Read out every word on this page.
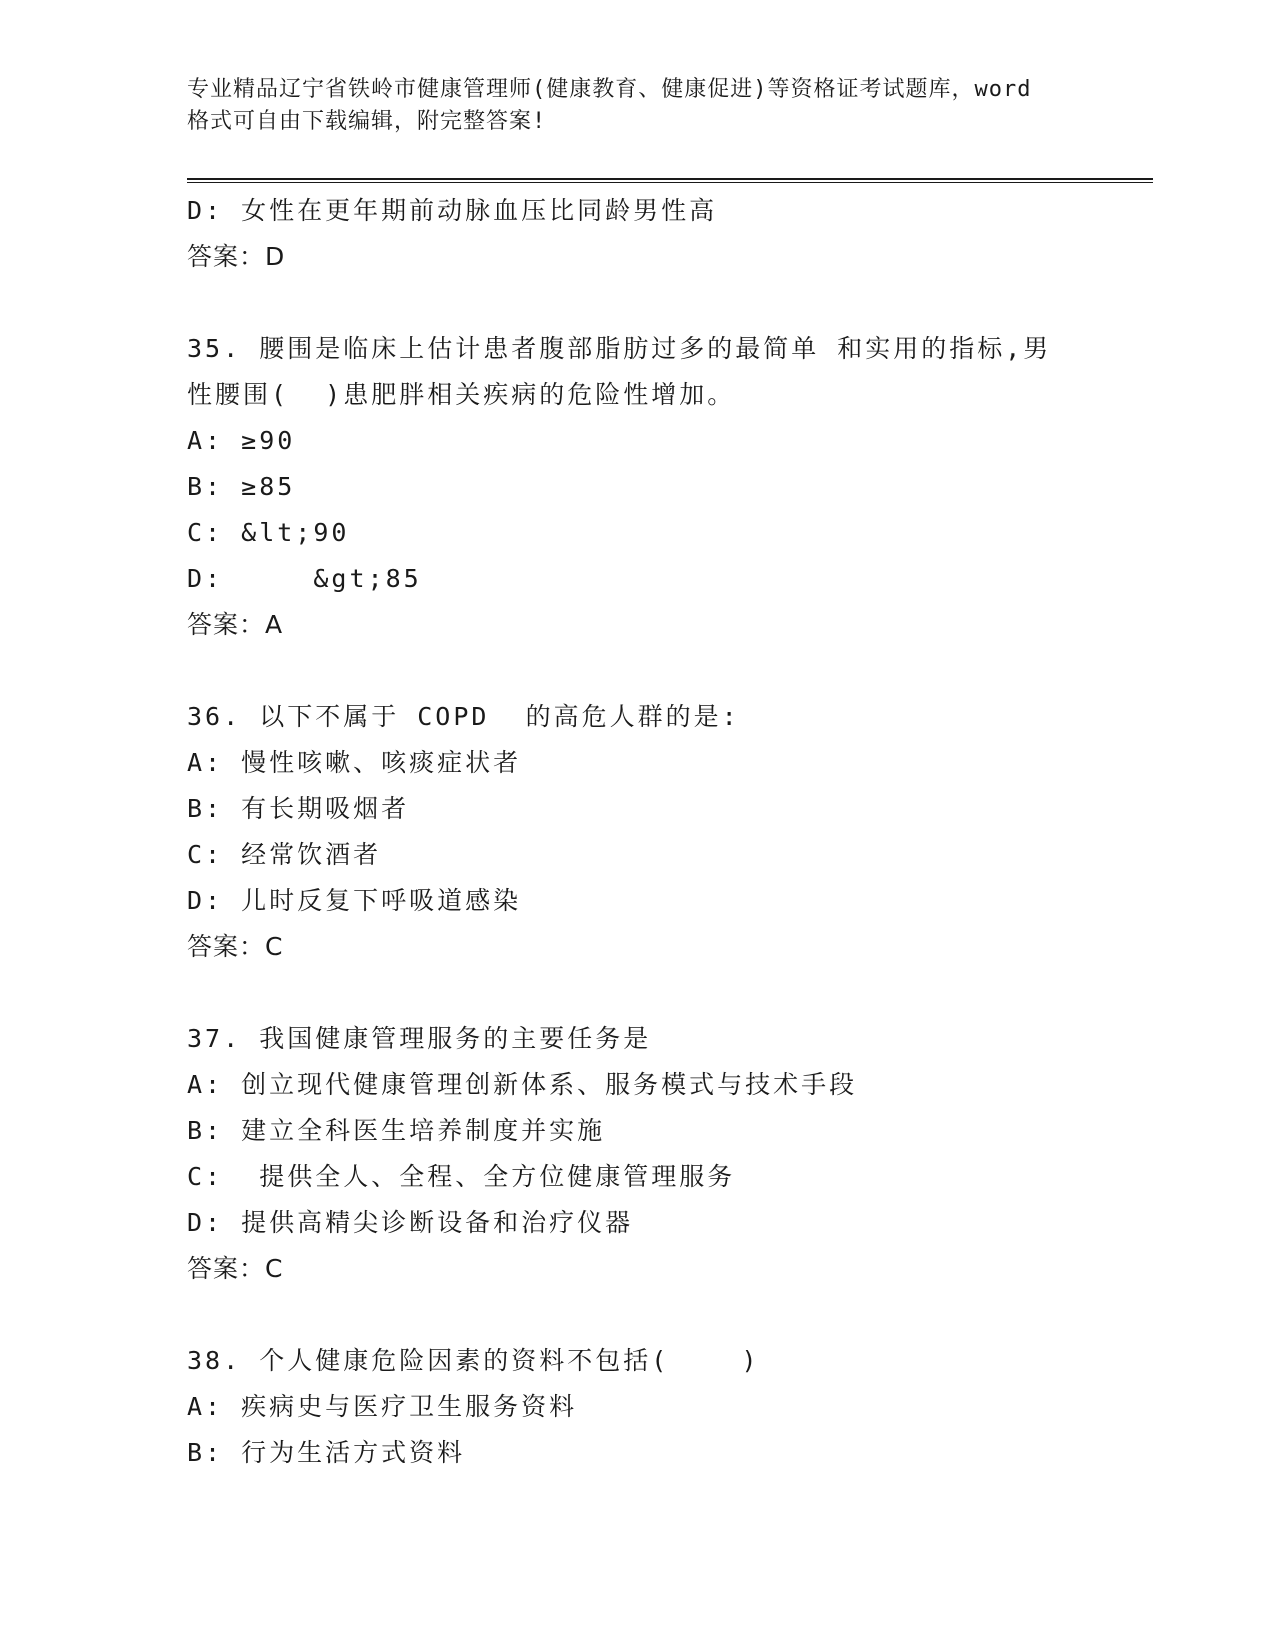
专业精品辽宁省铁岭市健康管理师(健康教育、健康促进)等资格证考试题库，word
格式可自由下载编辑，附完整答案!
D: 女性在更年期前动脉血压比同龄男性高
答案：D
35. 腰围是临床上估计患者腹部脂肪过多的最简单 和实用的指标,男
性腰围(  )患肥胖相关疾病的危险性增加。
A: ≥90
B: ≥85
C: &lt;90
D:     &gt;85
答案：A
36. 以下不属于 COPD  的高危人群的是:
A: 慢性咳嗽、咳痰症状者
B: 有长期吸烟者
C: 经常饮酒者
D: 儿时反复下呼吸道感染
答案：C
37. 我国健康管理服务的主要任务是
A: 创立现代健康管理创新体系、服务模式与技术手段
B: 建立全科医生培养制度并实施
C:  提供全人、全程、全方位健康管理服务
D: 提供高精尖诊断设备和治疗仪器
答案：C
38. 个人健康危险因素的资料不包括(    )
A: 疾病史与医疗卫生服务资料
B: 行为生活方式资料
